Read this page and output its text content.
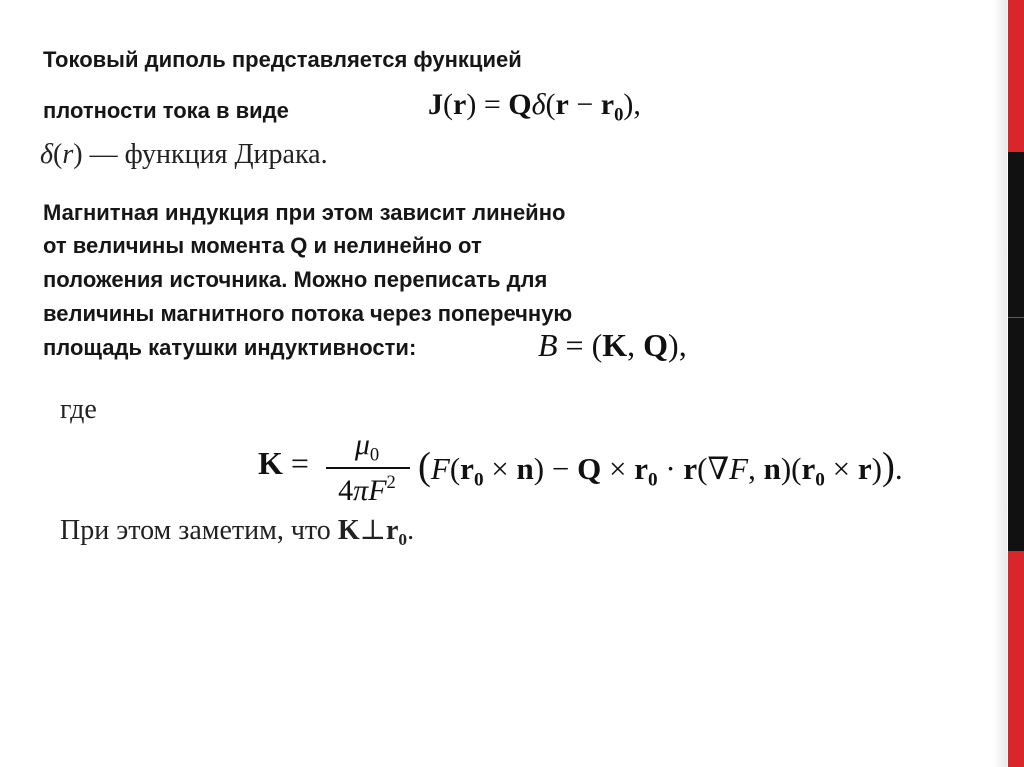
Токовый диполь представляется функцией
плотности тока в виде	$J(r) = Q\delta(r - r_0)$,
δ(r) — функция Дирака.
Магнитная индукция при этом зависит линейно
от величины момента Q и нелинейно от
положения источника. Можно переписать для
величины магнитного потока через поперечную
площадь катушки индуктивности:	B = (K, Q),
где
K =
$\mu_0$
$4\pi F^2$ ($F(r_0 \times n) - Q \times r_0 \cdot r(\nabla F$, $n)(r_0 \times r)$).
При этом заметим, что $K\perp r_0$.
